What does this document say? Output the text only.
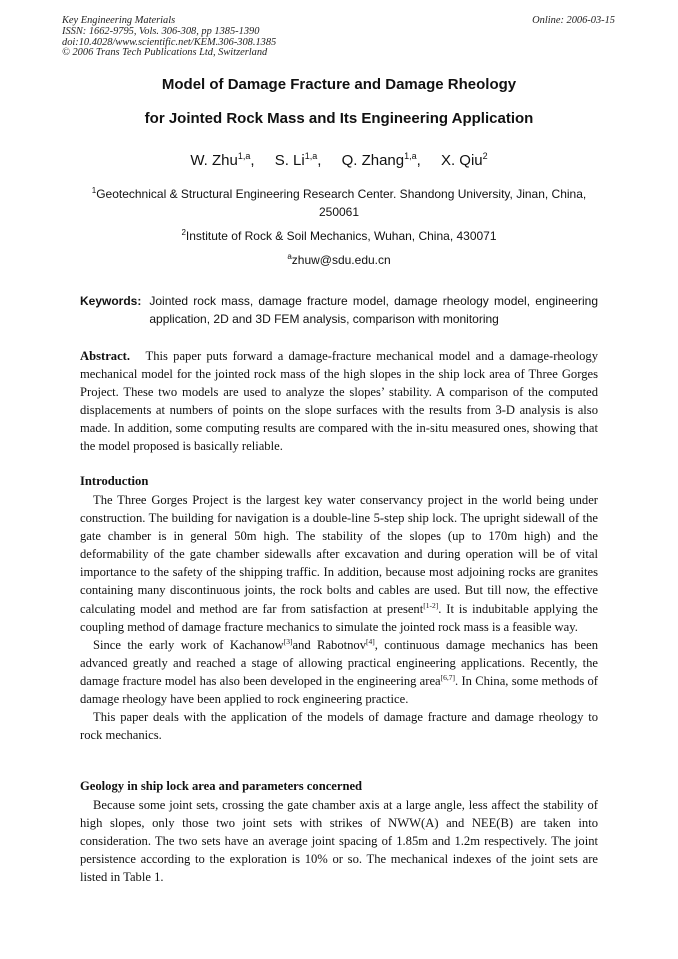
Key Engineering Materials
ISSN: 1662-9795, Vols. 306-308, pp 1385-1390
doi:10.4028/www.scientific.net/KEM.306-308.1385
© 2006 Trans Tech Publications Ltd, Switzerland
Online: 2006-03-15
Model of Damage Fracture and Damage Rheology
for Jointed Rock Mass and Its Engineering Application
W. Zhu$^{1,a}$, S. Li$^{1,a}$, Q. Zhang$^{1,a}$, X. Qiu$^2$
$^1$Geotechnical & Structural Engineering Research Center. Shandong University, Jinan, China, 250061
$^2$Institute of Rock & Soil Mechanics, Wuhan, China, 430071
$^a$zhuw@sdu.edu.cn
Keywords: Jointed rock mass, damage fracture model, damage rheology model, engineering application, 2D and 3D FEM analysis, comparison with monitoring

Abstract. This paper puts forward a damage-fracture mechanical model and a damage-rheology mechanical model for the jointed rock mass of the high slopes in the ship lock area of Three Gorges Project. These two models are used to analyze the slopes’ stability. A comparison of the computed displacements at numbers of points on the slope surfaces with the results from 3-D analysis is also made. In addition, some computing results are compared with the in-situ measured ones, showing that the model proposed is basically reliable.

Introduction

The Three Gorges Project is the largest key water conservancy project in the world being under construction. The building for navigation is a double-line 5-step ship lock. The upright sidewall of the gate chamber is in general 50m high. The stability of the slopes (up to 170m high) and the deformability of the gate chamber sidewalls after excavation and during operation will be of vital importance to the safety of the shipping traffic. In addition, because most adjoining rocks are granites containing many discontinuous joints, the rock bolts and cables are used. But till now, the effective calculating model and method are far from satisfaction at present[1-2]. It is indubitable applying the coupling method of damage fracture mechanics to simulate the jointed rock mass is a feasible way.

Since the early work of Kachanow[3]and Rabotnov[4], continuous damage mechanics has been advanced greatly and reached a stage of allowing practical engineering applications. Recently, the damage fracture model has also been developed in the engineering area[6,7]. In China, some methods of damage rheology have been applied to rock engineering practice.

This paper deals with the application of the models of damage fracture and damage rheology to rock mechanics.

Geology in ship lock area and parameters concerned

Because some joint sets, crossing the gate chamber axis at a large angle, less affect the stability of high slopes, only those two joint sets with strikes of NWW(A) and NEE(B) are taken into consideration. The two sets have an average joint spacing of 1.85m and 1.2m respectively. The joint persistence according to the exploration is 10% or so. The mechanical indexes of the joint sets are listed in Table 1.
